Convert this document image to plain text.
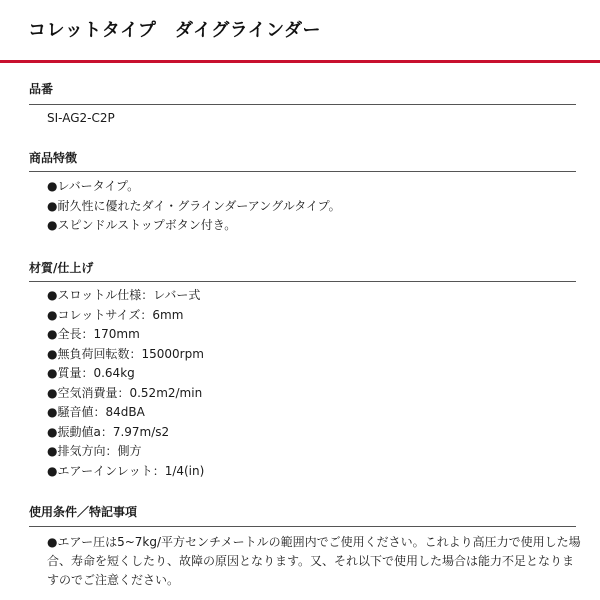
コレットタイプ　ダイグラインダー
品番
SI-AG2-C2P
商品特徴
●レバータイプ。
●耐久性に優れたダイ・グラインダーアングルタイプ。
●スピンドルストップボタン付き。
材質/仕上げ
●スロットル仕様：レバー式
●コレットサイズ：6mm
●全長：170mm
●無負荷回転数：15000rpm
●質量：0.64kg
●空気消費量：0.52m2/min
●騒音値：84dBA
●振動値a：7.97m/s2
●排気方向：側方
●エアーインレット：1/4(in)
使用条件／特記事項
●エアー圧は5~7kg/平方センチメートルの範囲内でご使用ください。これより高圧力で使用した場合、寿命を短くしたり、故障の原因となります。又、それ以下で使用した場合は能力不足となりますのでご注意ください。
